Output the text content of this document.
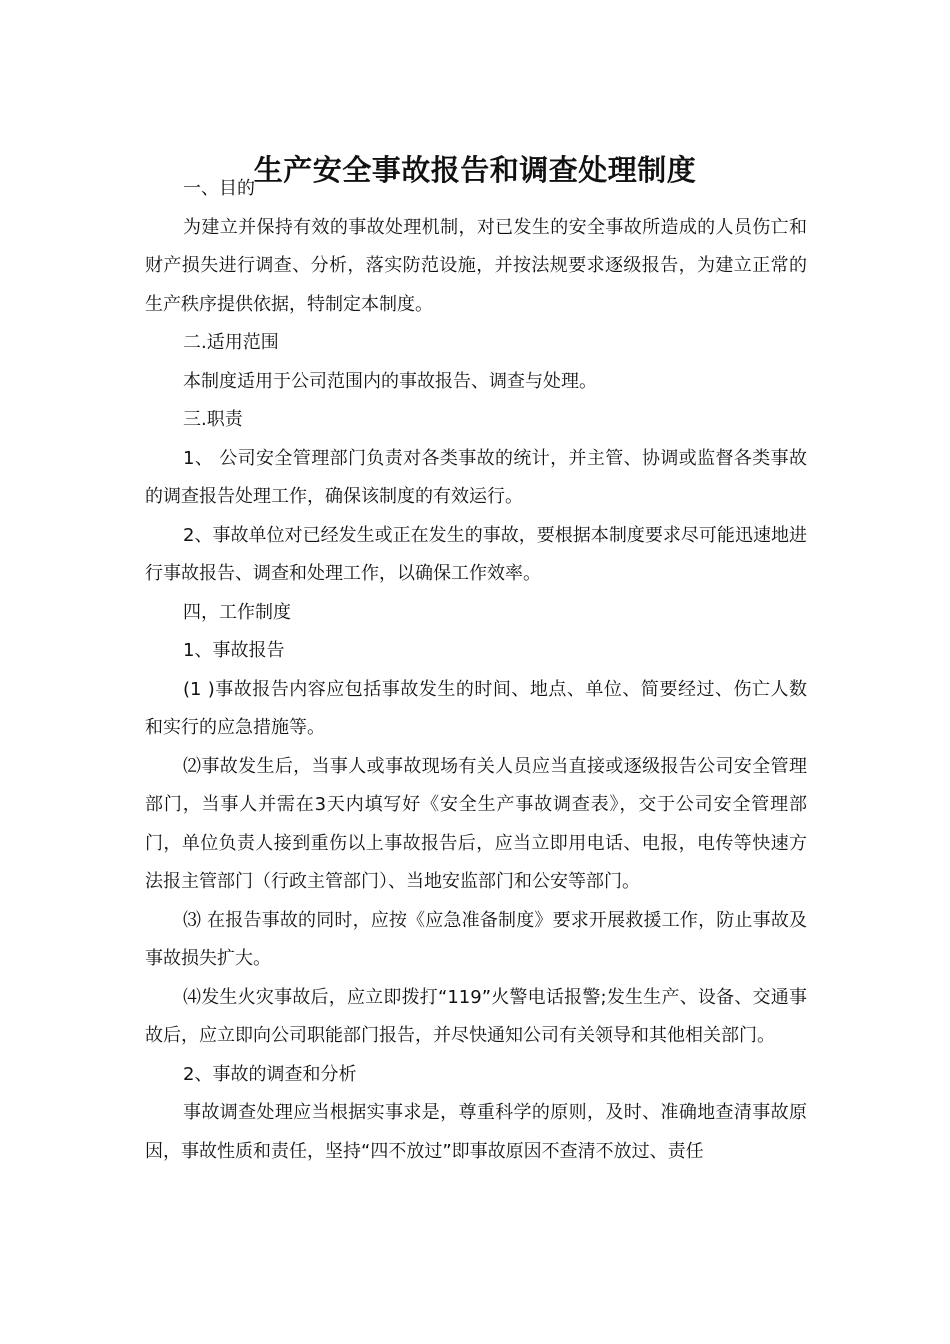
生产安全事故报告和调查处理制度

一、目的

为建立并保持有效的事故处理机制，对已发生的安全事故所造成的人员伤亡和财产损失进行调查、分析，落实防范设施，并按法规要求逐级报告，为建立正常的生产秩序提供依据，特制定本制度。

二.适用范围

本制度适用于公司范围内的事故报告、调查与处理。

三.职责

1、 公司安全管理部门负责对各类事故的统计，并主管、协调或监督各类事故的调查报告处理工作，确保该制度的有效运行。

2、事故单位对已经发生或正在发生的事故，要根据本制度要求尽可能迅速地进行事故报告、调查和处理工作，以确保工作效率。

四，工作制度

1、事故报告

(1 )事故报告内容应包括事故发生的时间、地点、单位、简要经过、伤亡人数和实行的应急措施等。

⑵事故发生后，当事人或事故现场有关人员应当直接或逐级报告公司安全管理部门，当事人并需在3天内填写好《安全生产事故调查表》，交于公司安全管理部门，单位负责人接到重伤以上事故报告后，应当立即用电话、电报，电传等快速方法报主管部门（行政主管部门）、当地安监部门和公安等部门。

⑶ 在报告事故的同时，应按《应急准备制度》要求开展救援工作，防止事故及事故损失扩大。

⑷发生火灾事故后，应立即拨打“119”火警电话报警;发生生产、设备、交通事故后，应立即向公司职能部门报告，并尽快通知公司有关领导和其他相关部门。

2、事故的调查和分析

事故调查处理应当根据实事求是，尊重科学的原则，及时、准确地查清事故原因，事故性质和责任，坚持“四不放过”即事故原因不查清不放过、责任
